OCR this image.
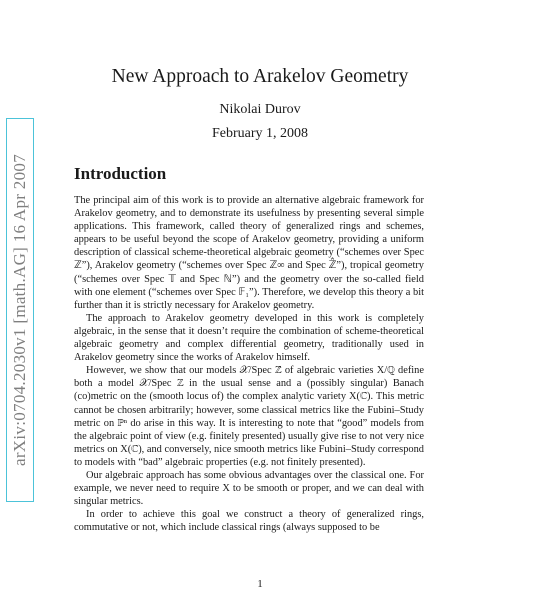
arXiv:0704.2030v1 [math.AG] 16 Apr 2007
New Approach to Arakelov Geometry
Nikolai Durov
February 1, 2008
Introduction

The principal aim of this work is to provide an alternative algebraic framework for Arakelov geometry, and to demonstrate its usefulness by presenting several simple applications. This framework, called theory of generalized rings and schemes, appears to be useful beyond the scope of Arakelov geometry, providing a uniform description of classical scheme-theoretical algebraic geometry (“schemes over Spec ℤ”), Arakelov geometry (“schemes over Spec ℤ∞ and Spec ℤ̂”), tropical geometry (“schemes over Spec 𝕋 and Spec ℕ”) and the geometry over the so-called field with one element (“schemes over Spec 𝔽₁”). Therefore, we develop this theory a bit further than it is strictly necessary for Arakelov geometry.

The approach to Arakelov geometry developed in this work is completely algebraic, in the sense that it doesn’t require the combination of scheme-theoretical algebraic geometry and complex differential geometry, traditionally used in Arakelov geometry since the works of Arakelov himself.

However, we show that our models 𝒳/Spec ℤ̂ of algebraic varieties X/ℚ define both a model 𝒳/Spec ℤ in the usual sense and a (possibly singular) Banach (co)metric on the (smooth locus of) the complex analytic variety X(ℂ). This metric cannot be chosen arbitrarily; however, some classical metrics like the Fubini–Study metric on ℙⁿ do arise in this way. It is interesting to note that “good” models from the algebraic point of view (e.g. finitely presented) usually give rise to not very nice metrics on X(ℂ), and conversely, nice smooth metrics like Fubini–Study correspond to models with “bad” algebraic properties (e.g. not finitely presented).

Our algebraic approach has some obvious advantages over the classical one. For example, we never need to require X to be smooth or proper, and we can deal with singular metrics.

In order to achieve this goal we construct a theory of generalized rings, commutative or not, which include classical rings (always supposed to be

1
